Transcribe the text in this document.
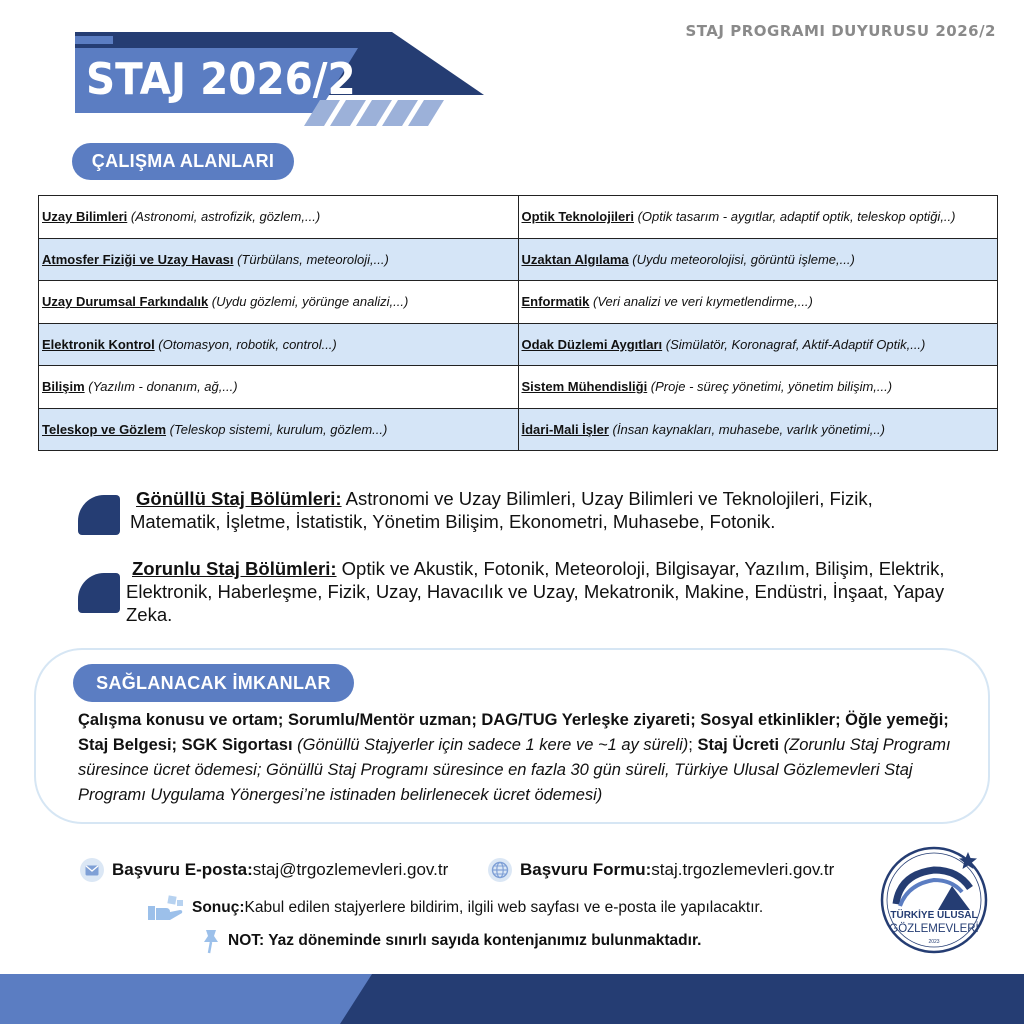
STAJ PROGRAMI DUYURUSU 2026/2
STAJ 2026/2
ÇALIŞMA ALANLARI
Uzay Bilimleri (Astronomi, astrofizik, gözlem,...)	Optik Teknolojileri (Optik tasarım - aygıtlar, adaptif optik, teleskop optiği,..)
Atmosfer Fiziği ve Uzay Havası (Türbülans, meteoroloji,...)	Uzaktan Algılama (Uydu meteorolojisi, görüntü işleme,...)
Uzay Durumsal Farkındalık (Uydu gözlemi, yörünge analizi,...)	Enformatik (Veri analizi ve veri kıymetlendirme,...)
Elektronik Kontrol (Otomasyon, robotik, control...)	Odak Düzlemi Aygıtları (Simülatör, Koronagraf, Aktif-Adaptif Optik,...)
Bilişim (Yazılım - donanım, ağ,...)	Sistem Mühendisliği (Proje - süreç yönetimi, yönetim bilişim,...)
Teleskop ve Gözlem (Teleskop sistemi, kurulum, gözlem...)	İdari-Mali İşler (İnsan kaynakları, muhasebe, varlık yönetimi,..)
Gönüllü Staj Bölümleri: Astronomi ve Uzay Bilimleri, Uzay Bilimleri ve Teknolojileri, Fizik, Matematik, İşletme, İstatistik, Yönetim Bilişim, Ekonometri, Muhasebe, Fotonik.
Zorunlu Staj Bölümleri: Optik ve Akustik, Fotonik, Meteoroloji, Bilgisayar, Yazılım, Bilişim, Elektrik, Elektronik, Haberleşme, Fizik, Uzay, Havacılık ve Uzay, Mekatronik, Makine, Endüstri, İnşaat, Yapay Zeka.
SAĞLANACAK İMKANLAR
Çalışma konusu ve ortam; Sorumlu/Mentör uzman; DAG/TUG Yerleşke ziyareti; Sosyal etkinlikler; Öğle yemeği; Staj Belgesi; SGK Sigortası (Gönüllü Stajyerler için sadece 1 kere ve ~1 ay süreli); Staj Ücreti (Zorunlu Staj Programı süresince ücret ödemesi; Gönüllü Staj Programı süresince en fazla 30 gün süreli, Türkiye Ulusal Gözlemevleri Staj Programı Uygulama Yönergesi’ne istinaden belirlenecek ücret ödemesi)
Başvuru E-posta: staj@trgozlemevleri.gov.tr	Başvuru Formu: staj.trgozlemevleri.gov.tr
Sonuç: Kabul edilen stajyerlere bildirim, ilgili web sayfası ve e-posta ile yapılacaktır.
NOT: Yaz döneminde sınırlı sayıda kontenjanımız bulunmaktadır.
TÜRKİYE ULUSAL
GÖZLEMEVLERİ
2023
